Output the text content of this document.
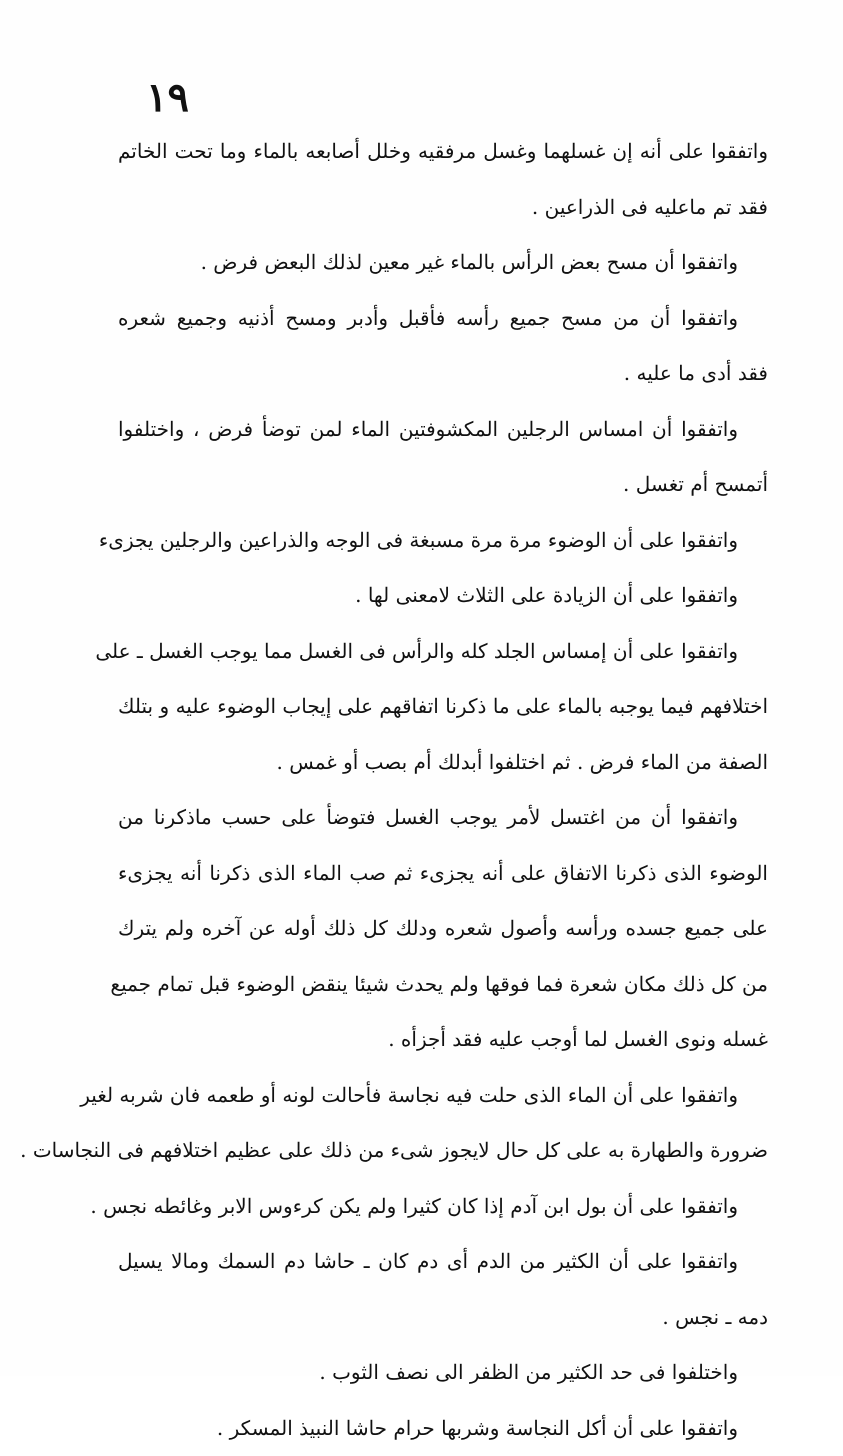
١٩
واتفقوا على أنه إن غسلهما وغسل مرفقيه وخلل أصابعه بالماء وما تحت الخاتم
فقد تم ماعليه فى الذراعين .
واتفقوا أن مسح بعض الرأس بالماء غير معين لذلك البعض فرض .
واتفقوا أن من مسح جميع رأسه فأقبل وأدبر ومسح أذنيه وجميع شعره
فقد أدى ما عليه .
واتفقوا أن امساس الرجلين المكشوفتين الماء لمن توضأ فرض ، واختلفوا
أتمسح أم تغسل .
واتفقوا على أن الوضوء مرة مرة مسبغة فى الوجه والذراعين والرجلين يجزىء
واتفقوا على أن الزيادة على الثلاث لامعنى لها .
واتفقوا على أن إمساس الجلد كله والرأس فى الغسل مما يوجب الغسل ـ على
اختلافهم فيما يوجبه بالماء على ما ذكرنا اتفاقهم على إيجاب الوضوء عليه و بتلك
الصفة من الماء فرض . ثم اختلفوا أبدلك أم بصب أو غمس .
واتفقوا أن من اغتسل لأمر يوجب الغسل فتوضأ على حسب ماذكرنا من
الوضوء الذى ذكرنا الاتفاق على أنه يجزىء ثم صب الماء الذى ذكرنا أنه يجزىء
على جميع جسده ورأسه وأصول شعره ودلك كل ذلك أوله عن آخره ولم يترك
من كل ذلك مكان شعرة فما فوقها ولم يحدث شيئا ينقض الوضوء قبل تمام جميع
غسله ونوى الغسل لما أوجب عليه فقد أجزأه .
واتفقوا على أن الماء الذى حلت فيه نجاسة فأحالت لونه أو طعمه فان شربه لغير
ضرورة والطهارة به على كل حال لايجوز شىء من ذلك على عظيم اختلافهم فى النجاسات .
واتفقوا على أن بول ابن آدم إذا كان كثيرا ولم يكن كرءوس الابر وغائطه نجس .
واتفقوا على أن الكثير من الدم أى دم كان ـ حاشا دم السمك ومالا يسيل
دمه ـ نجس .
واختلفوا فى حد الكثير من الظفر الى نصف الثوب .
واتفقوا على أن أكل النجاسة وشربها حرام حاشا النبيذ المسكر .
